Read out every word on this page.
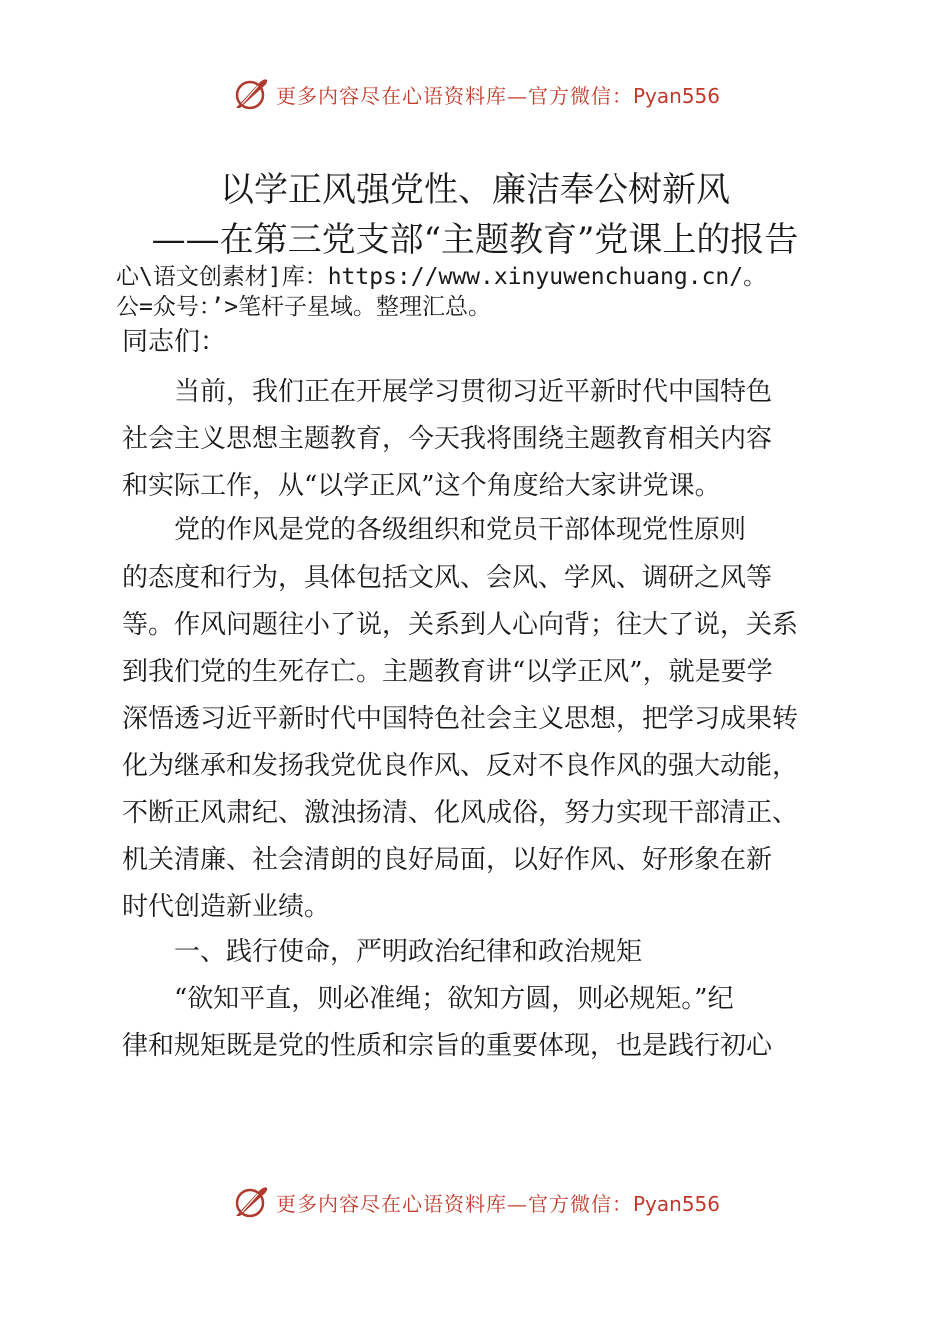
更多内容尽在心语资料库—官方微信：Pyan556
以学正风强党性、廉洁奉公树新风
——在第三党支部“主题教育”党课上的报告
心\语文创素材]库：https://www.xinyuwenchuang.cn/。
公=众号：’>笔杆子星域。整理汇总。
同志们：
　　当前，我们正在开展学习贯彻习近平新时代中国特色
社会主义思想主题教育，今天我将围绕主题教育相关内容
和实际工作，从“以学正风”这个角度给大家讲党课。
　　党的作风是党的各级组织和党员干部体现党性原则
的态度和行为，具体包括文风、会风、学风、调研之风等
等。作风问题往小了说，关系到人心向背；往大了说，关系
到我们党的生死存亡。主题教育讲“以学正风”，就是要学
深悟透习近平新时代中国特色社会主义思想，把学习成果转
化为继承和发扬我党优良作风、反对不良作风的强大动能，
不断正风肃纪、激浊扬清、化风成俗，努力实现干部清正、
机关清廉、社会清朗的良好局面，以好作风、好形象在新
时代创造新业绩。
　　一、践行使命，严明政治纪律和政治规矩
　　“欲知平直，则必准绳；欲知方圆，则必规矩。”纪
律和规矩既是党的性质和宗旨的重要体现，也是践行初心
更多内容尽在心语资料库—官方微信：Pyan556
